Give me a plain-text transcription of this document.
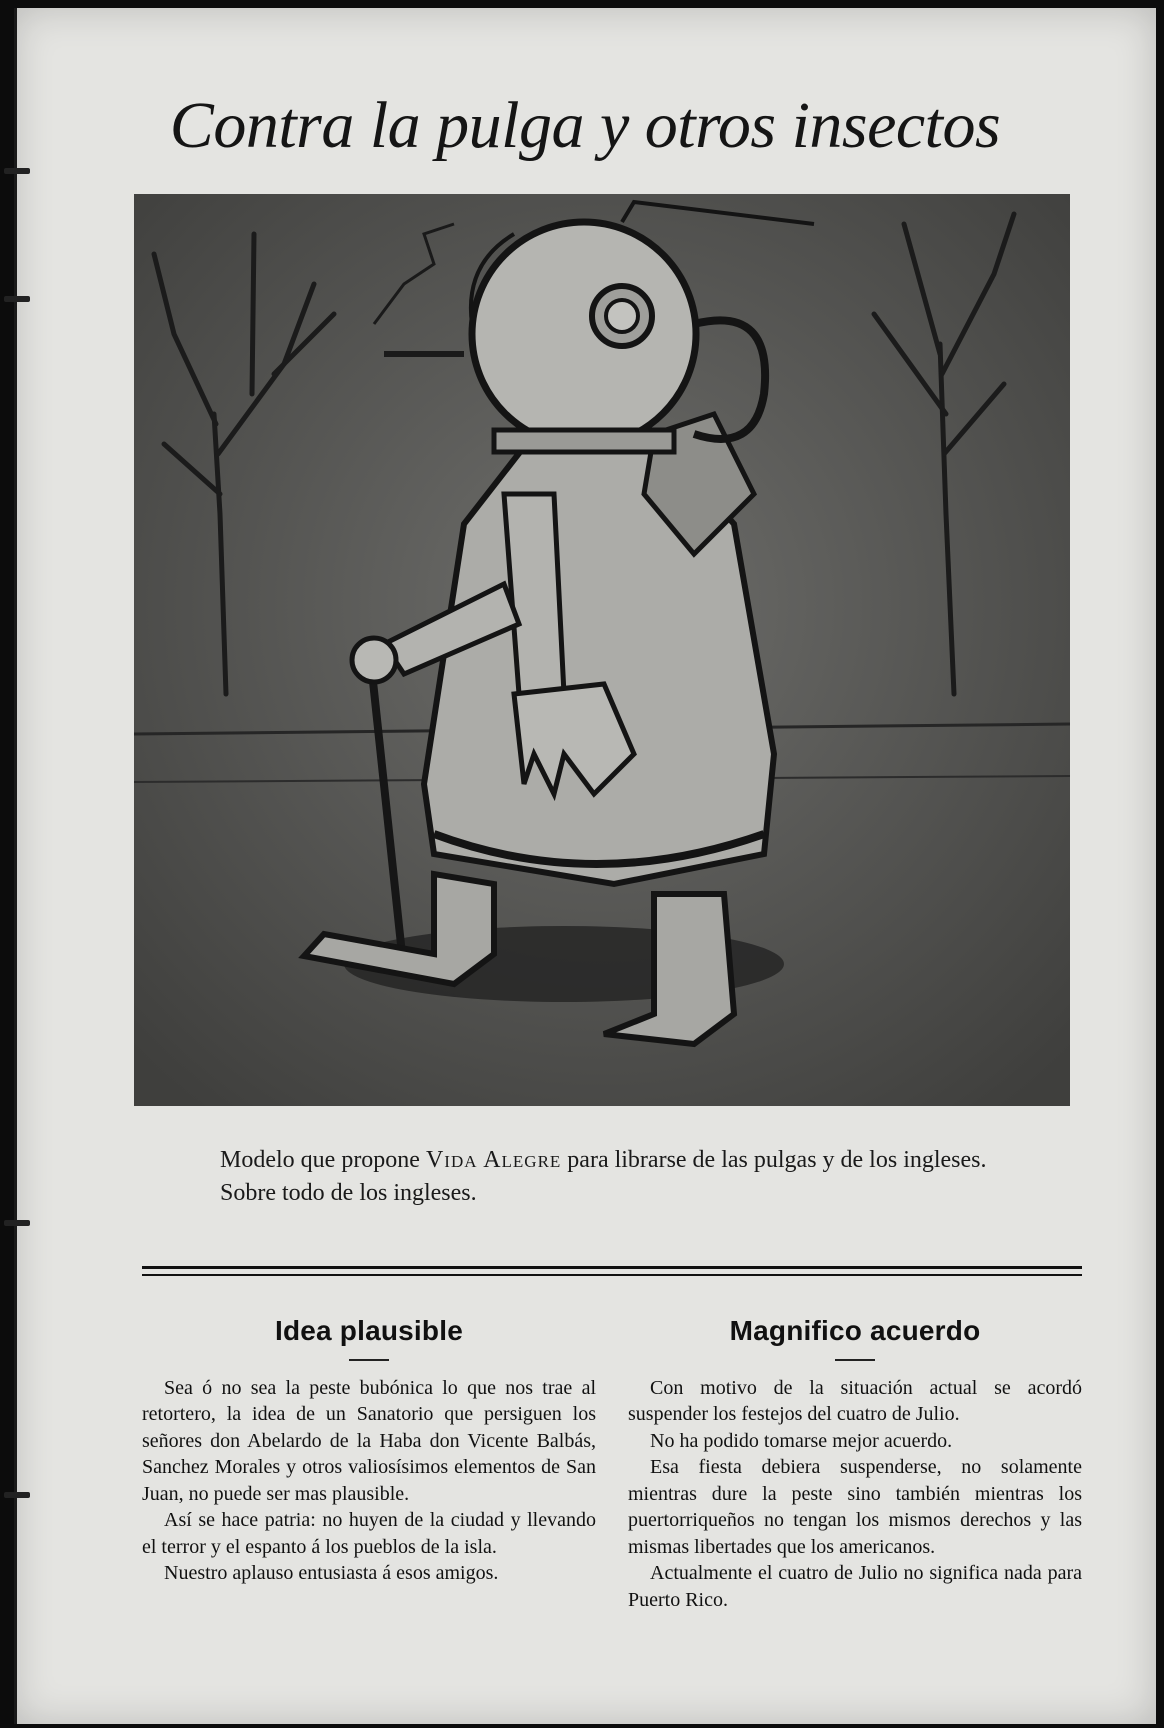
Contra la pulga y otros insectos

Modelo que propone Vida Alegre para librarse de las pulgas y de los ingleses.

Sobre todo de los ingleses.

Idea plausible

Sea ó no sea la peste bubónica lo que nos trae al retortero, la idea de un Sanatorio que persiguen los señores don Abelardo de la Haba don Vicente Balbás, Sanchez Morales y otros valiosísimos elementos de San Juan, no puede ser mas plausible.

Así se hace patria: no huyen de la ciudad y llevando el terror y el espanto á los pueblos de la isla.

Nuestro aplauso entusiasta á esos amigos.

Magnifico acuerdo

Con motivo de la situación actual se acordó suspender los festejos del cuatro de Julio.

No ha podido tomarse mejor acuerdo.

Esa fiesta debiera suspenderse, no solamente mientras dure la peste sino también mientras los puertorriqueños no tengan los mismos derechos y las mismas libertades que los americanos.

Actualmente el cuatro de Julio no significa nada para Puerto Rico.
